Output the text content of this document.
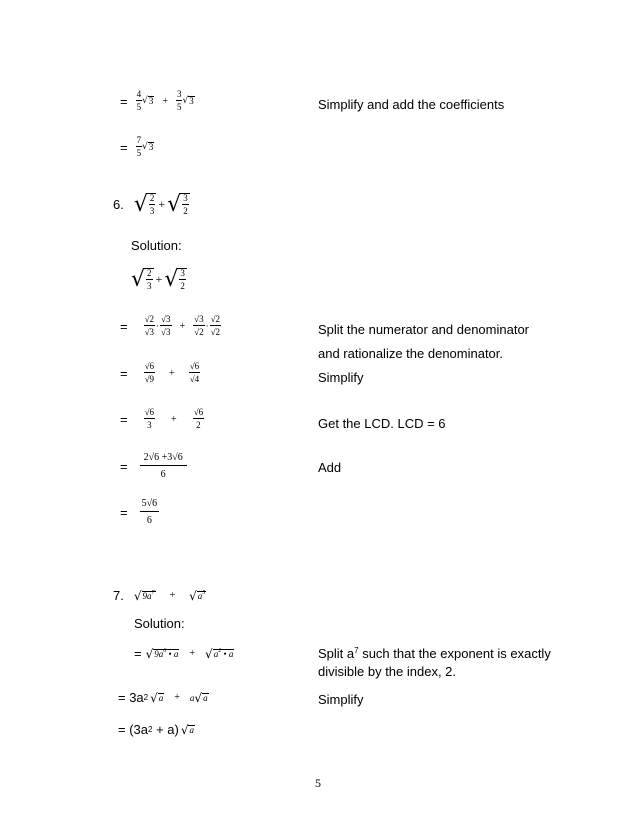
= $\frac{4}{5}$ √ $3 + \frac{3}{5}$ √ 3	Simplify and add the coefficients
= $\frac{7}{5}$ √ 3
6. √ $\frac{2}{3}$ + √ $\frac{3}{2}$
Solution:
√ $\frac{2}{3}$ + √ $\frac{3}{2}$
= $\frac{√2}{√3} \cdot \frac{√3}{√3} + \frac{√3}{√2} \cdot \frac{√2}{√2}$	Split the numerator and denominator
and rationalize the denominator.
= $\frac{√6}{√9} + \frac{√6}{√4}$	Simplify
= $\frac{√6}{3} + \frac{√6}{2}$	Get the LCD. LCD = 6
= $\frac{2√6 +3√6}{6}$	Add
= $\frac{5√6}{6}$
7. √ $9a^7$ + √ $a^5$
Solution:
= √ $9a^6$ • a + √ $a^2$ • a	Split $a^7$ such that the exponent is exactly
divisible by the index, 2.
= 3a 2 √ a + a √ a	Simplify
= (3a 2 + a) √ a
5
